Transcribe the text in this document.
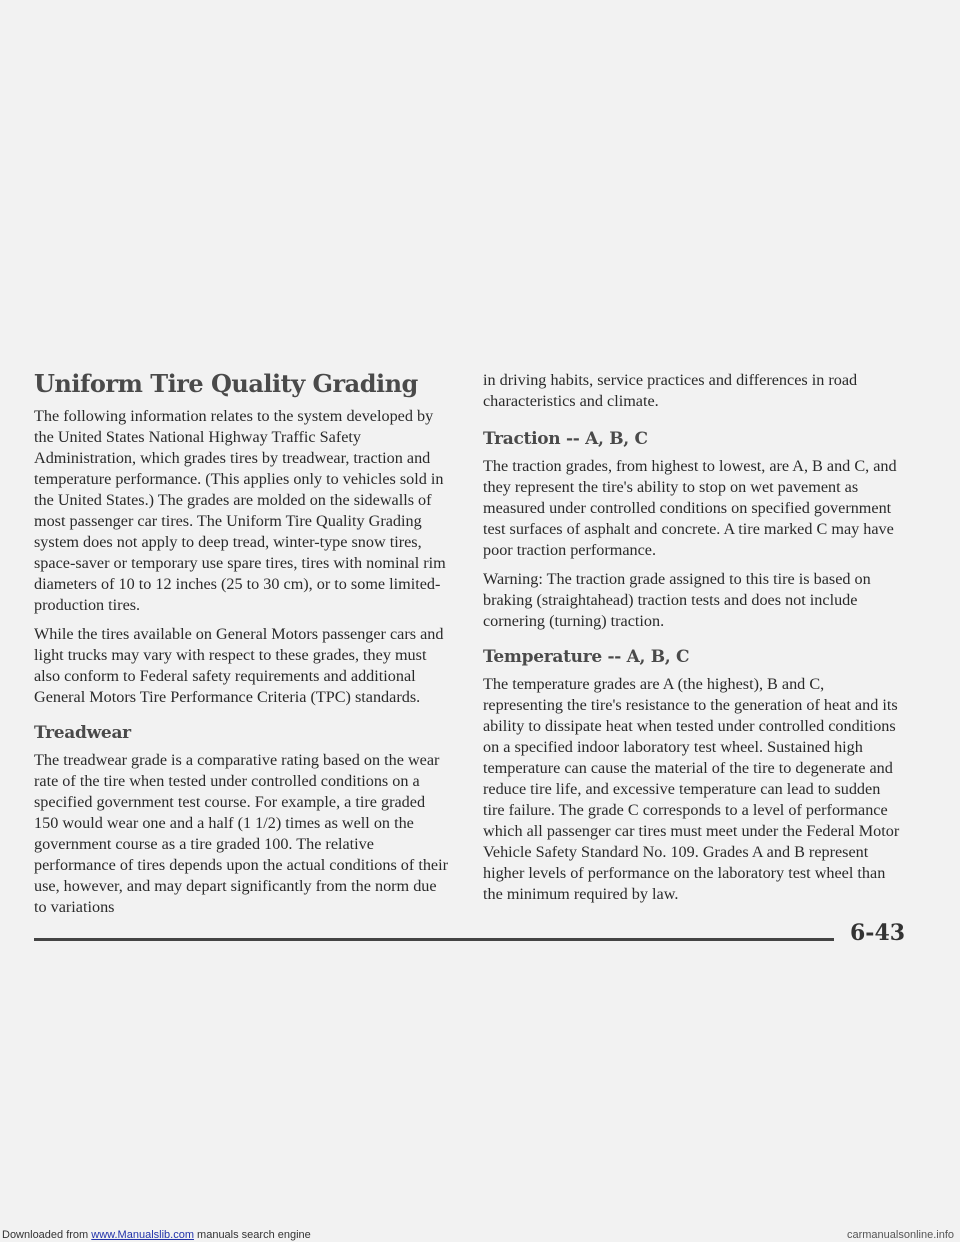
Uniform Tire Quality Grading

The following information relates to the system developed by the United States National Highway Traffic Safety Administration, which grades tires by treadwear, traction and temperature performance. (This applies only to vehicles sold in the United States.) The grades are molded on the sidewalls of most passenger car tires. The Uniform Tire Quality Grading system does not apply to deep tread, winter-type snow tires, space-saver or temporary use spare tires, tires with nominal rim diameters of 10 to 12 inches (25 to 30 cm), or to some limited-production tires.

While the tires available on General Motors passenger cars and light trucks may vary with respect to these grades, they must also conform to Federal safety requirements and additional General Motors Tire Performance Criteria (TPC) standards.

Treadwear

The treadwear grade is a comparative rating based on the wear rate of the tire when tested under controlled conditions on a specified government test course. For example, a tire graded 150 would wear one and a half (1 1/2) times as well on the government course as a tire graded 100. The relative performance of tires depends upon the actual conditions of their use, however, and may depart significantly from the norm due to variations

in driving habits, service practices and differences in road characteristics and climate.

Traction -- A, B, C

The traction grades, from highest to lowest, are A, B and C, and they represent the tire's ability to stop on wet pavement as measured under controlled conditions on specified government test surfaces of asphalt and concrete. A tire marked C may have poor traction performance.

Warning: The traction grade assigned to this tire is based on braking (straightahead) traction tests and does not include cornering (turning) traction.

Temperature -- A, B, C

The temperature grades are A (the highest), B and C, representing the tire's resistance to the generation of heat and its ability to dissipate heat when tested under controlled conditions on a specified indoor laboratory test wheel. Sustained high temperature can cause the material of the tire to degenerate and reduce tire life, and excessive temperature can lead to sudden tire failure. The grade C corresponds to a level of performance which all passenger car tires must meet under the Federal Motor Vehicle Safety Standard No. 109. Grades A and B represent higher levels of performance on the laboratory test wheel than the minimum required by law.

6-43
Downloaded from www.Manualslib.com manuals search engine	carmanualsonline.info
